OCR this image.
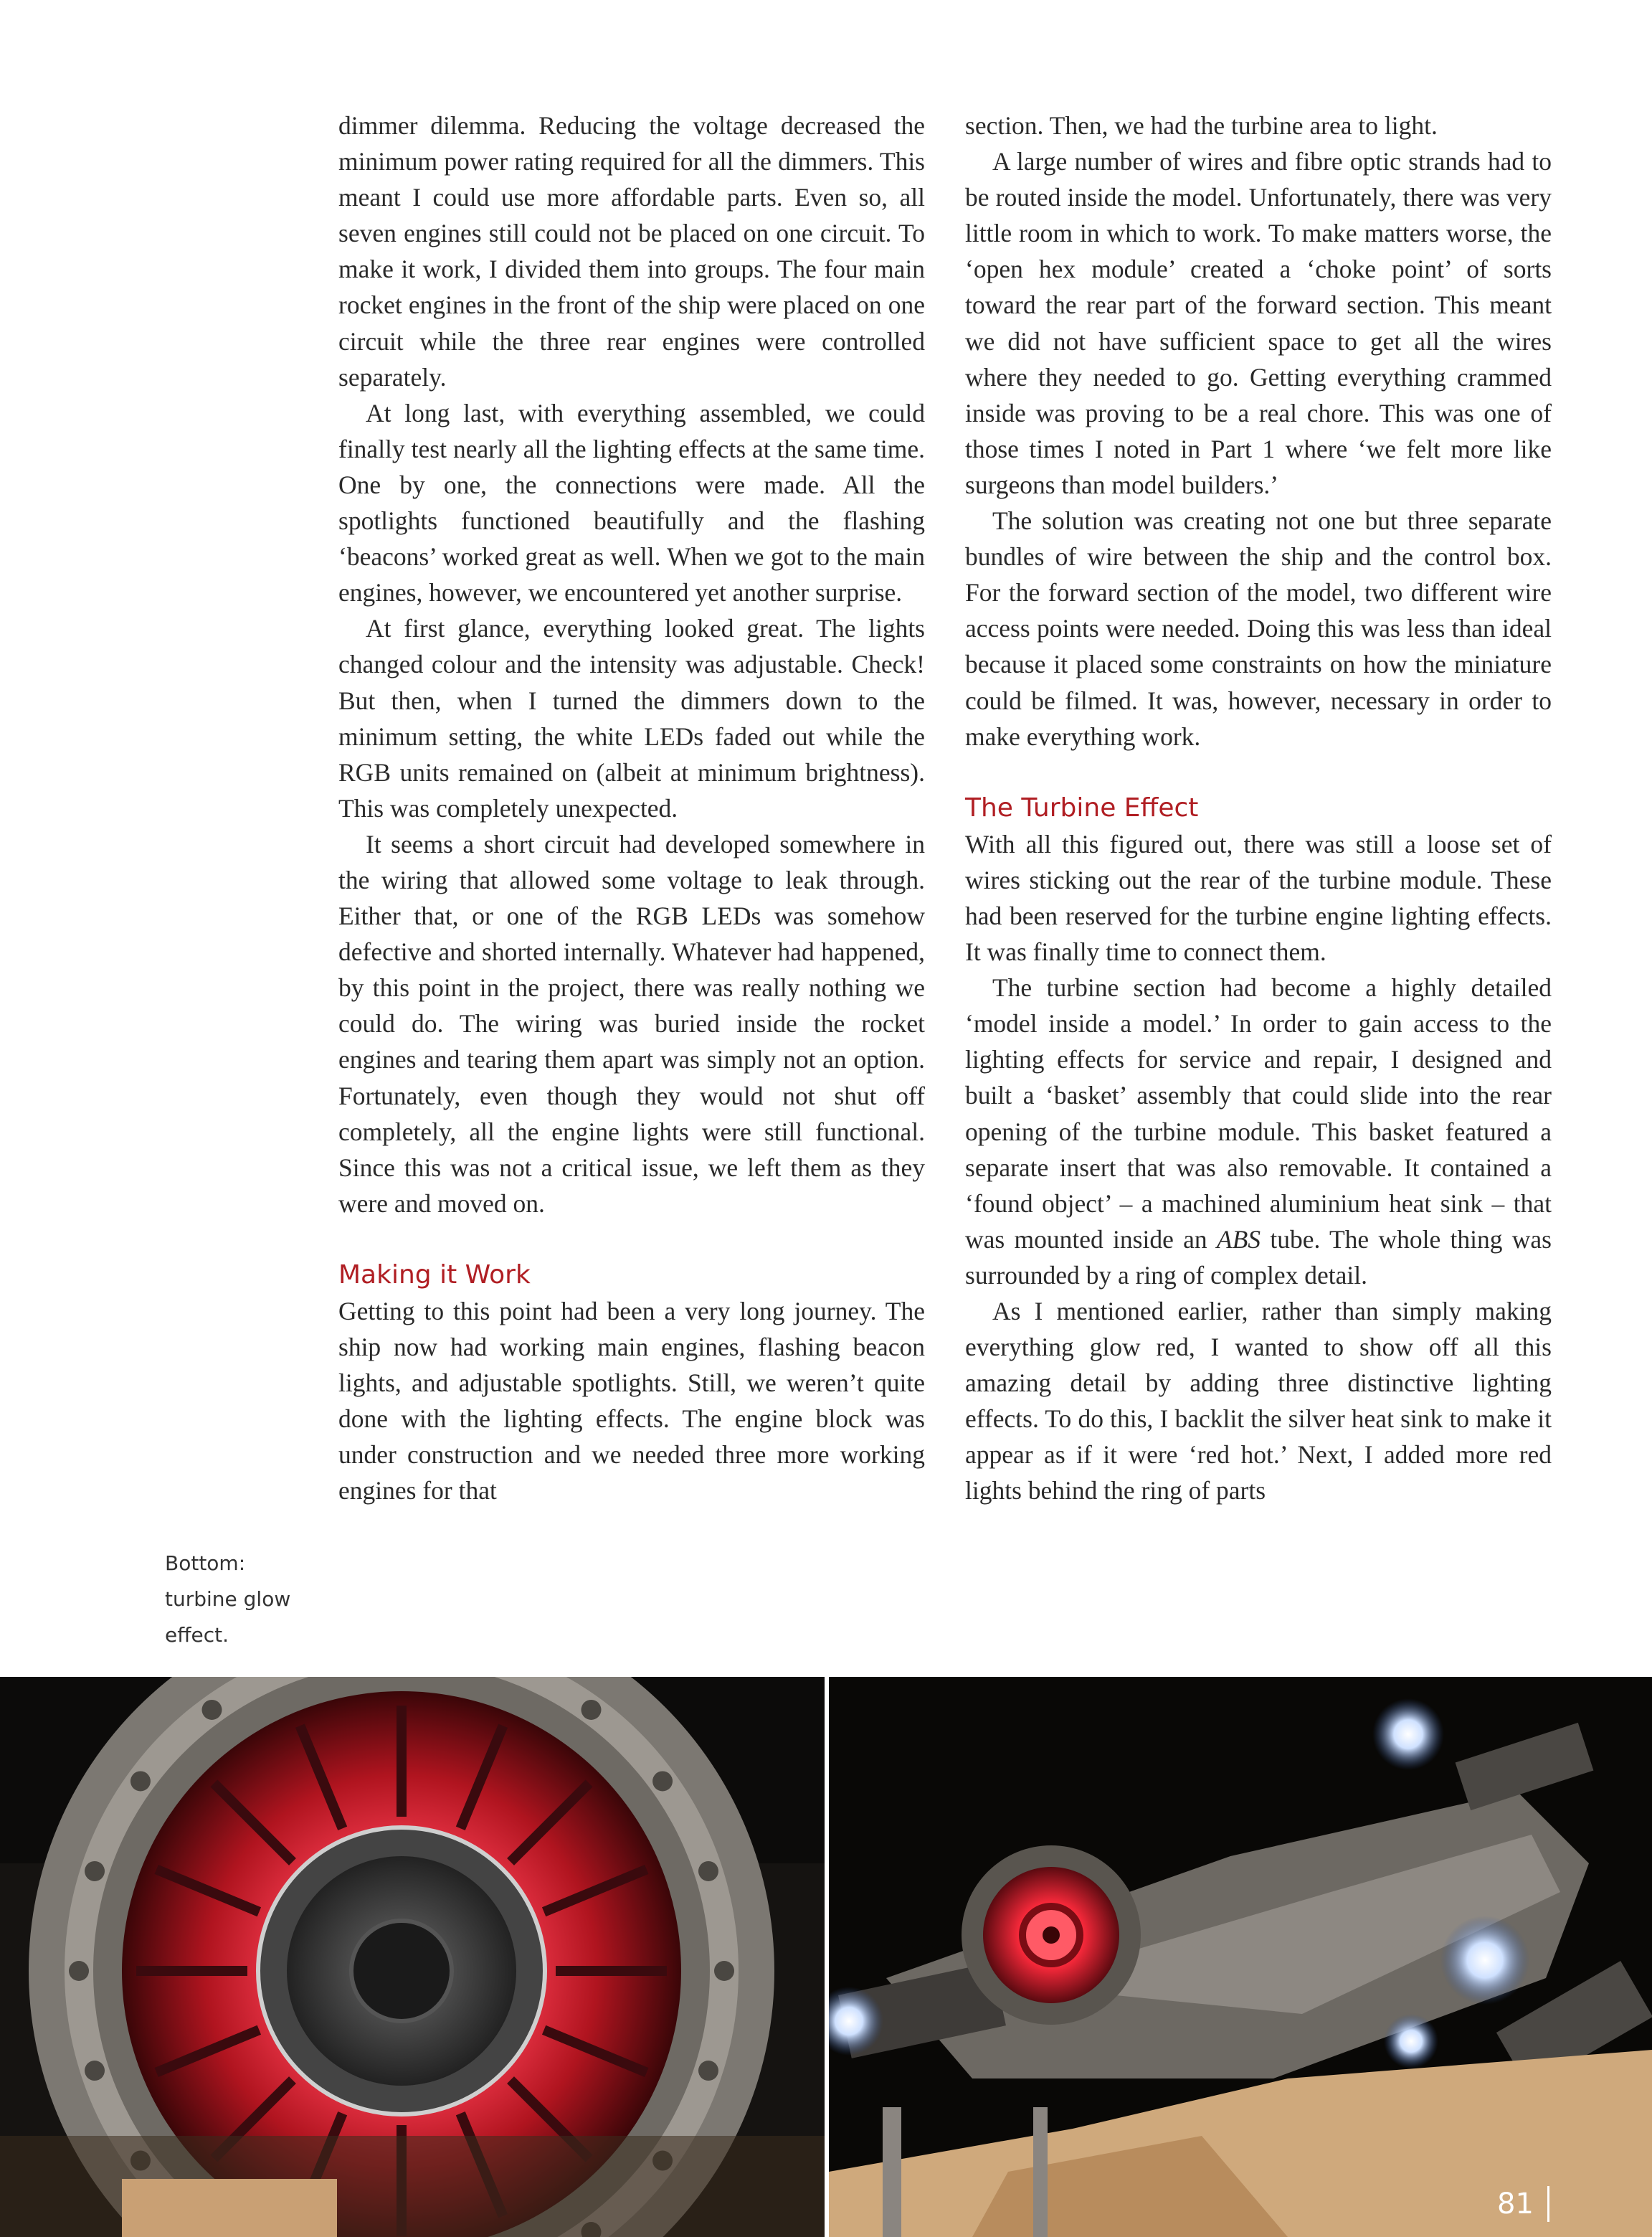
dimmer dilemma. Reducing the voltage decreased the minimum power rating required for all the dimmers. This meant I could use more affordable parts. Even so, all seven engines still could not be placed on one circuit. To make it work, I divided them into groups. The four main rocket engines in the front of the ship were placed on one circuit while the three rear engines were controlled separately.

At long last, with everything assembled, we could finally test nearly all the lighting effects at the same time. One by one, the connections were made. All the spotlights functioned beautifully and the flashing ‘beacons’ worked great as well. When we got to the main engines, however, we encountered yet another surprise.

At first glance, everything looked great. The lights changed colour and the intensity was adjustable. Check! But then, when I turned the dimmers down to the minimum setting, the white LEDs faded out while the RGB units remained on (albeit at minimum brightness). This was completely unexpected.

It seems a short circuit had developed somewhere in the wiring that allowed some voltage to leak through. Either that, or one of the RGB LEDs was somehow defective and shorted internally. Whatever had happened, by this point in the project, there was really nothing we could do. The wiring was buried inside the rocket engines and tearing them apart was simply not an option. Fortunately, even though they would not shut off completely, all the engine lights were still functional. Since this was not a critical issue, we left them as they were and moved on.

Making it Work

Getting to this point had been a very long journey. The ship now had working main engines, flashing beacon lights, and adjustable spotlights. Still, we weren’t quite done with the lighting effects. The engine block was under construction and we needed three more working engines for that

section. Then, we had the turbine area to light.

A large number of wires and fibre optic strands had to be routed inside the model. Unfortunately, there was very little room in which to work. To make matters worse, the ‘open hex module’ created a ‘choke point’ of sorts toward the rear part of the forward section. This meant we did not have sufficient space to get all the wires where they needed to go. Getting everything crammed inside was proving to be a real chore. This was one of those times I noted in Part 1 where ‘we felt more like surgeons than model builders.’

The solution was creating not one but three separate bundles of wire between the ship and the control box. For the forward section of the model, two different wire access points were needed. Doing this was less than ideal because it placed some constraints on how the miniature could be filmed. It was, however, necessary in order to make everything work.

The Turbine Effect

With all this figured out, there was still a loose set of wires sticking out the rear of the turbine module. These had been reserved for the turbine engine lighting effects. It was finally time to connect them.

The turbine section had become a highly detailed ‘model inside a model.’ In order to gain access to the lighting effects for service and repair, I designed and built a ‘basket’ assembly that could slide into the rear opening of the turbine module. This basket featured a separate insert that was also removable. It contained a ‘found object’ – a machined aluminium heat sink – that was mounted inside an ABS tube. The whole thing was surrounded by a ring of complex detail.

As I mentioned earlier, rather than simply making everything glow red, I wanted to show off all this amazing detail by adding three distinctive lighting effects. To do this, I backlit the silver heat sink to make it appear as if it were ‘red hot.’ Next, I added more red lights behind the ring of parts

Bottom:
turbine glow
effect.
81
